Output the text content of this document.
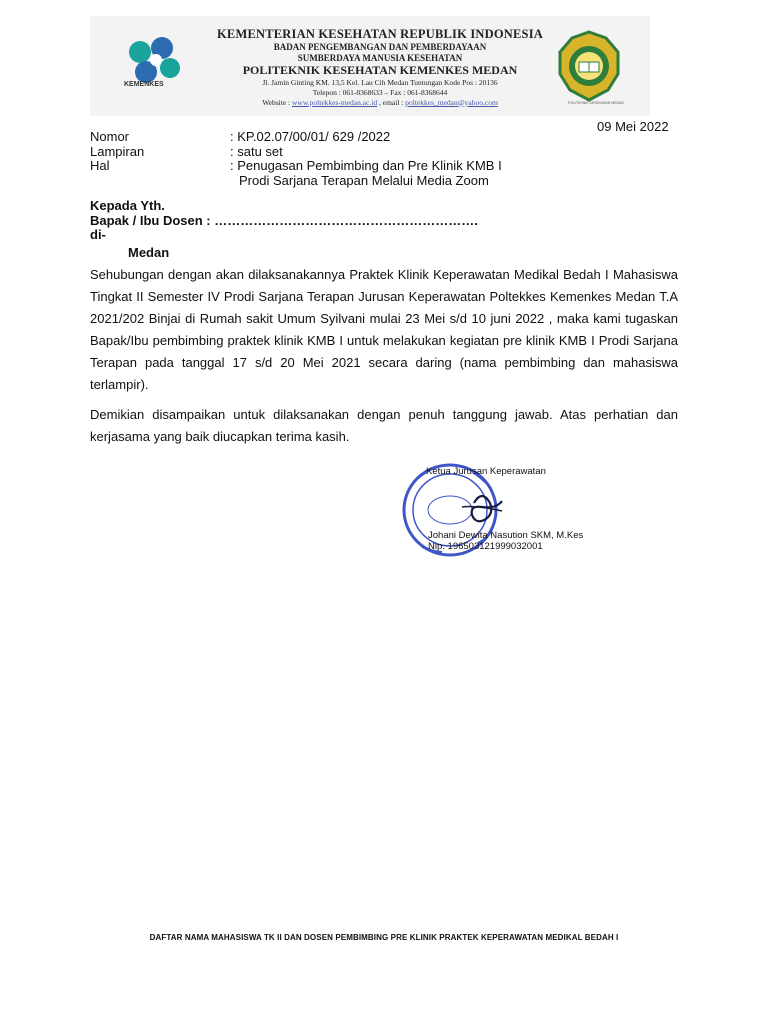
KEMENKES
KEMENTERIAN KESEHATAN REPUBLIK INDONESIA
BADAN PENGEMBANGAN DAN PEMBERDAYAAN
SUMBERDAYA MANUSIA KESEHATAN
POLITEKNIK KESEHATAN KEMENKES MEDAN
Jl. Jamin Ginting KM. 13,5 Kel. Lau Cih Medan Tuntungan Kode Pos : 20136
Telepon : 061-8368633 – Fax : 061-8368644
Website : www.poltekkes-medan.ac.id , email : poltekkes_medan@yahoo.com	POLITEKNIK KESEHATAN MEDAN
09 Mei 2022
Nomor	: KP.02.07/00/01/ 629 /2022
Lampiran	: satu set
Hal	: Penugasan Pembimbing dan Pre Klinik KMB I
Prodi Sarjana Terapan Melalui Media Zoom
Kepada Yth.
Bapak / Ibu Dosen : …………………………………………………….
di-
Medan
Sehubungan dengan akan dilaksanakannya Praktek Klinik Keperawatan Medikal Bedah I Mahasiswa Tingkat II Semester IV Prodi Sarjana Terapan Jurusan Keperawatan Poltekkes Kemenkes Medan T.A 2021/202 Binjai di Rumah sakit Umum Syilvani mulai 23 Mei s/d 10 juni 2022 , maka kami tugaskan Bapak/Ibu pembimbing praktek klinik KMB I untuk melakukan kegiatan pre klinik KMB I Prodi Sarjana Terapan pada tanggal 17 s/d 20 Mei 2021 secara daring (nama pembimbing dan mahasiswa terlampir).
Demikian disampaikan untuk dilaksanakan dengan penuh tanggung jawab. Atas perhatian dan kerjasama yang baik diucapkan terima kasih.
Ketua Jurusan Keperawatan
Johani Dewita Nasution SKM, M.Kes
Nip. 196503121999032001
DAFTAR NAMA MAHASISWA TK II DAN DOSEN PEMBIMBING PRE KLINIK PRAKTEK KEPERAWATAN MEDIKAL BEDAH I
